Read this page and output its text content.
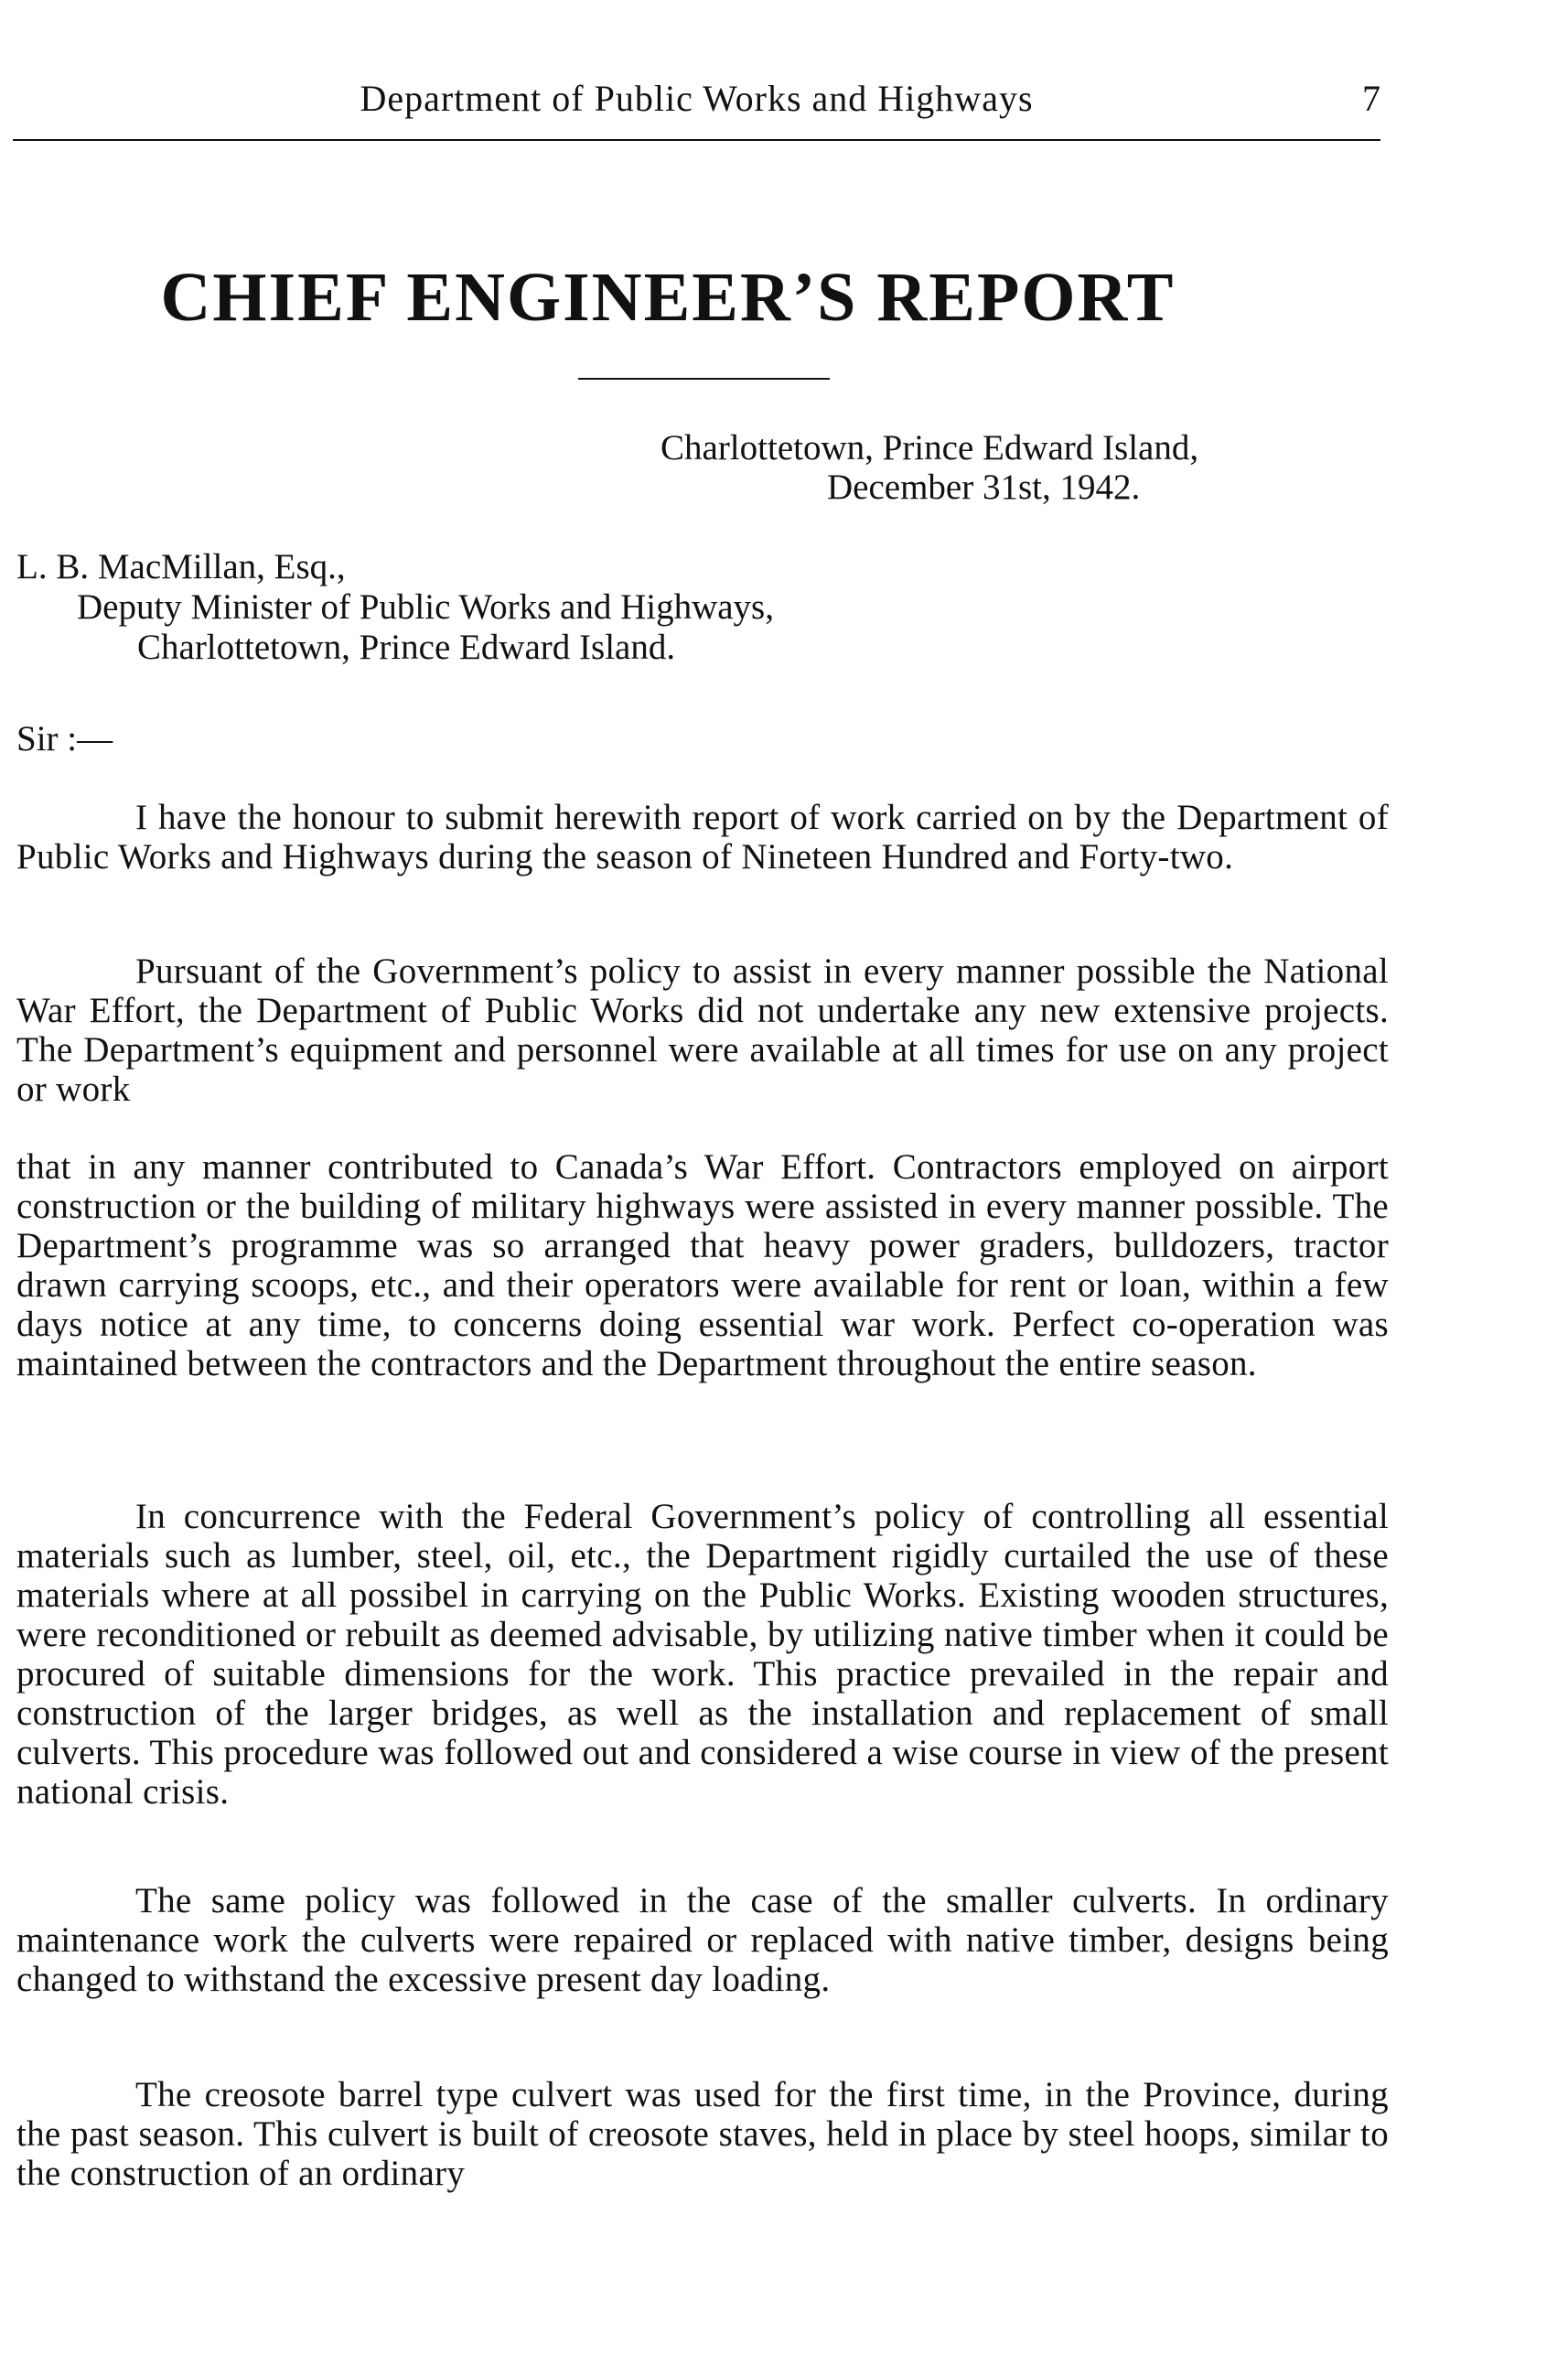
Department of Public Works and Highways	7
CHIEF ENGINEER’S REPORT
Charlottetown, Prince Edward Island,
December 31st, 1942.
L. B. MacMillan, Esq.,
Deputy Minister of Public Works and Highways,
Charlottetown, Prince Edward Island.
Sir :—

I have the honour to submit herewith report of work carried on by the Department of Public Works and Highways during the season of Nineteen Hundred and Forty-two.

Pursuant of the Government’s policy to assist in every manner possible the National War Effort, the Department of Public Works did not undertake any new extensive projects. The Department’s equipment and personnel were available at all times for use on any project or work

that in any manner contributed to Canada’s War Effort. Contractors employed on airport construction or the building of military highways were assisted in every manner possible. The Department’s programme was so arranged that heavy power graders, bulldozers, tractor drawn carrying scoops, etc., and their operators were available for rent or loan, within a few days notice at any time, to concerns doing essential war work. Perfect co-operation was maintained between the contractors and the Department throughout the entire season.

In concurrence with the Federal Government’s policy of controlling all essential materials such as lumber, steel, oil, etc., the Department rigidly curtailed the use of these materials where at all possibel in carrying on the Public Works. Existing wooden structures, were reconditioned or rebuilt as deemed advisable, by utilizing native timber when it could be procured of suitable dimensions for the work. This practice prevailed in the repair and construction of the larger bridges, as well as the installation and replacement of small culverts. This procedure was followed out and considered a wise course in view of the present national crisis.

The same policy was followed in the case of the smaller culverts. In ordinary maintenance work the culverts were repaired or replaced with native timber, designs being changed to withstand the excessive present day loading.

The creosote barrel type culvert was used for the first time, in the Province, during the past season. This culvert is built of creosote staves, held in place by steel hoops, similar to the construction of an ordinary
